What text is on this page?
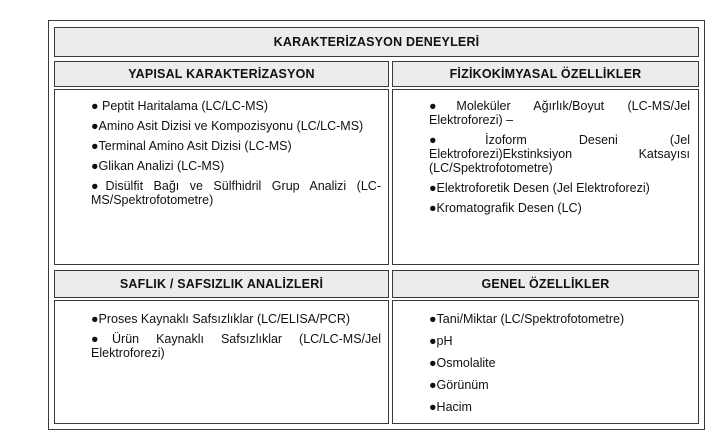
KARAKTERİZASYON DENEYLERİ
YAPISAL KARAKTERİZASYON

● Peptit Haritalama (LC/LC-MS)

●Amino Asit Dizisi ve Kompozisyonu (LC/LC-MS)

●Terminal Amino Asit Dizisi (LC-MS)

●Glikan Analizi (LC-MS)

●Disülfit Bağı ve Sülfhidril Grup Analizi (LC-MS/Spektrofotometre)

FİZİKOKİMYASAL ÖZELLİKLER

●Moleküler Ağırlık/Boyut (LC-MS/Jel Elektroforezi) –

●İzoform Deseni (Jel Elektroforezi)Ekstinksiyon Katsayısı (LC/Spektrofotometre)

●Elektroforetik Desen (Jel Elektroforezi)

●Kromatografik Desen (LC)

SAFLIK / SAFSIZLIK ANALİZLERİ

●Proses Kaynaklı Safsızlıklar (LC/ELISA/PCR)

●Ürün Kaynaklı Safsızlıklar (LC/LC-MS/Jel Elektroforezi)

GENEL ÖZELLİKLER

●Tani/Miktar (LC/Spektrofotometre)

●pH

●Osmolalite

●Görünüm

●Hacim
